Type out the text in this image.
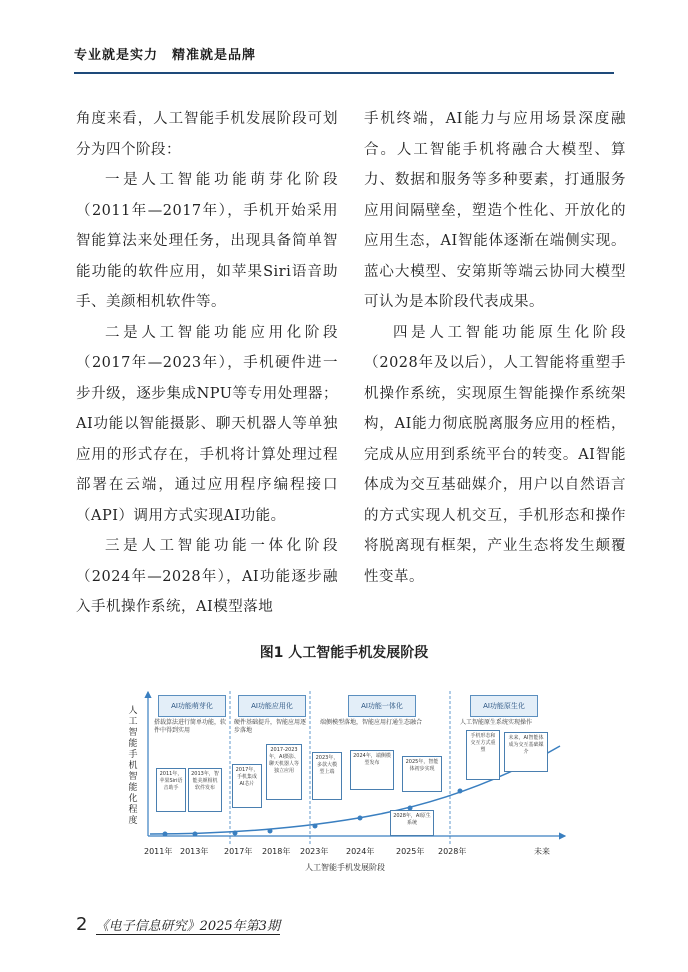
专业就是实力　精准就是品牌

角度来看，人工智能手机发展阶段可划分为四个阶段：

一是人工智能功能萌芽化阶段（2011年—2017年），手机开始采用智能算法来处理任务，出现具备简单智能功能的软件应用，如苹果Siri语音助手、美颜相机软件等。

二是人工智能功能应用化阶段（2017年—2023年），手机硬件进一步升级，逐步集成NPU等专用处理器；AI功能以智能摄影、聊天机器人等单独应用的形式存在，手机将计算处理过程部署在云端，通过应用程序编程接口（API）调用方式实现AI功能。

三是人工智能功能一体化阶段（2024年—2028年），AI功能逐步融入手机操作系统，AI模型落地

手机终端，AI能力与应用场景深度融合。人工智能手机将融合大模型、算力、数据和服务等多种要素，打通服务应用间隔壁垒，塑造个性化、开放化的应用生态，AI智能体逐渐在端侧实现。蓝心大模型、安第斯等端云协同大模型可认为是本阶段代表成果。

四是人工智能功能原生化阶段（2028年及以后），人工智能将重塑手机操作系统，实现原生智能操作系统架构，AI能力彻底脱离服务应用的桎梏，完成从应用到系统平台的转变。AI智能体成为交互基础媒介，用户以自然语言的方式实现人机交互，手机形态和操作将脱离现有框架，产业生态将发生颠覆性变革。

图1 人工智能手机发展阶段
人工智能手机智能化程度
AI功能萌芽化	AI功能应用化	AI功能一体化	AI功能原生化
搭载算法进行简单功能，软件中得到实用
硬件基础提升，智能应用逐步落地
端侧模型落地，智能应用打通生态融合	人工智能原生系统实现操作
2011年，苹果Siri语音助手
2013年，智能美颜相机软件发布
2017年，手机集成AI芯片
2017-2023年，AI摄影、聊天机器人等独立应用
2023年，多款大模型上端
2024年，端侧模型发布	2025年，智能体初步实现
2028年，AI原生系统
手机形态和交互方式重塑
未来，AI智能体成为交互基础媒介
2011年 2013年 2017年 2018年 2023年 2024年	2025年 2028年	未来
人工智能手机发展阶段
2 《电子信息研究》2025年第3期
